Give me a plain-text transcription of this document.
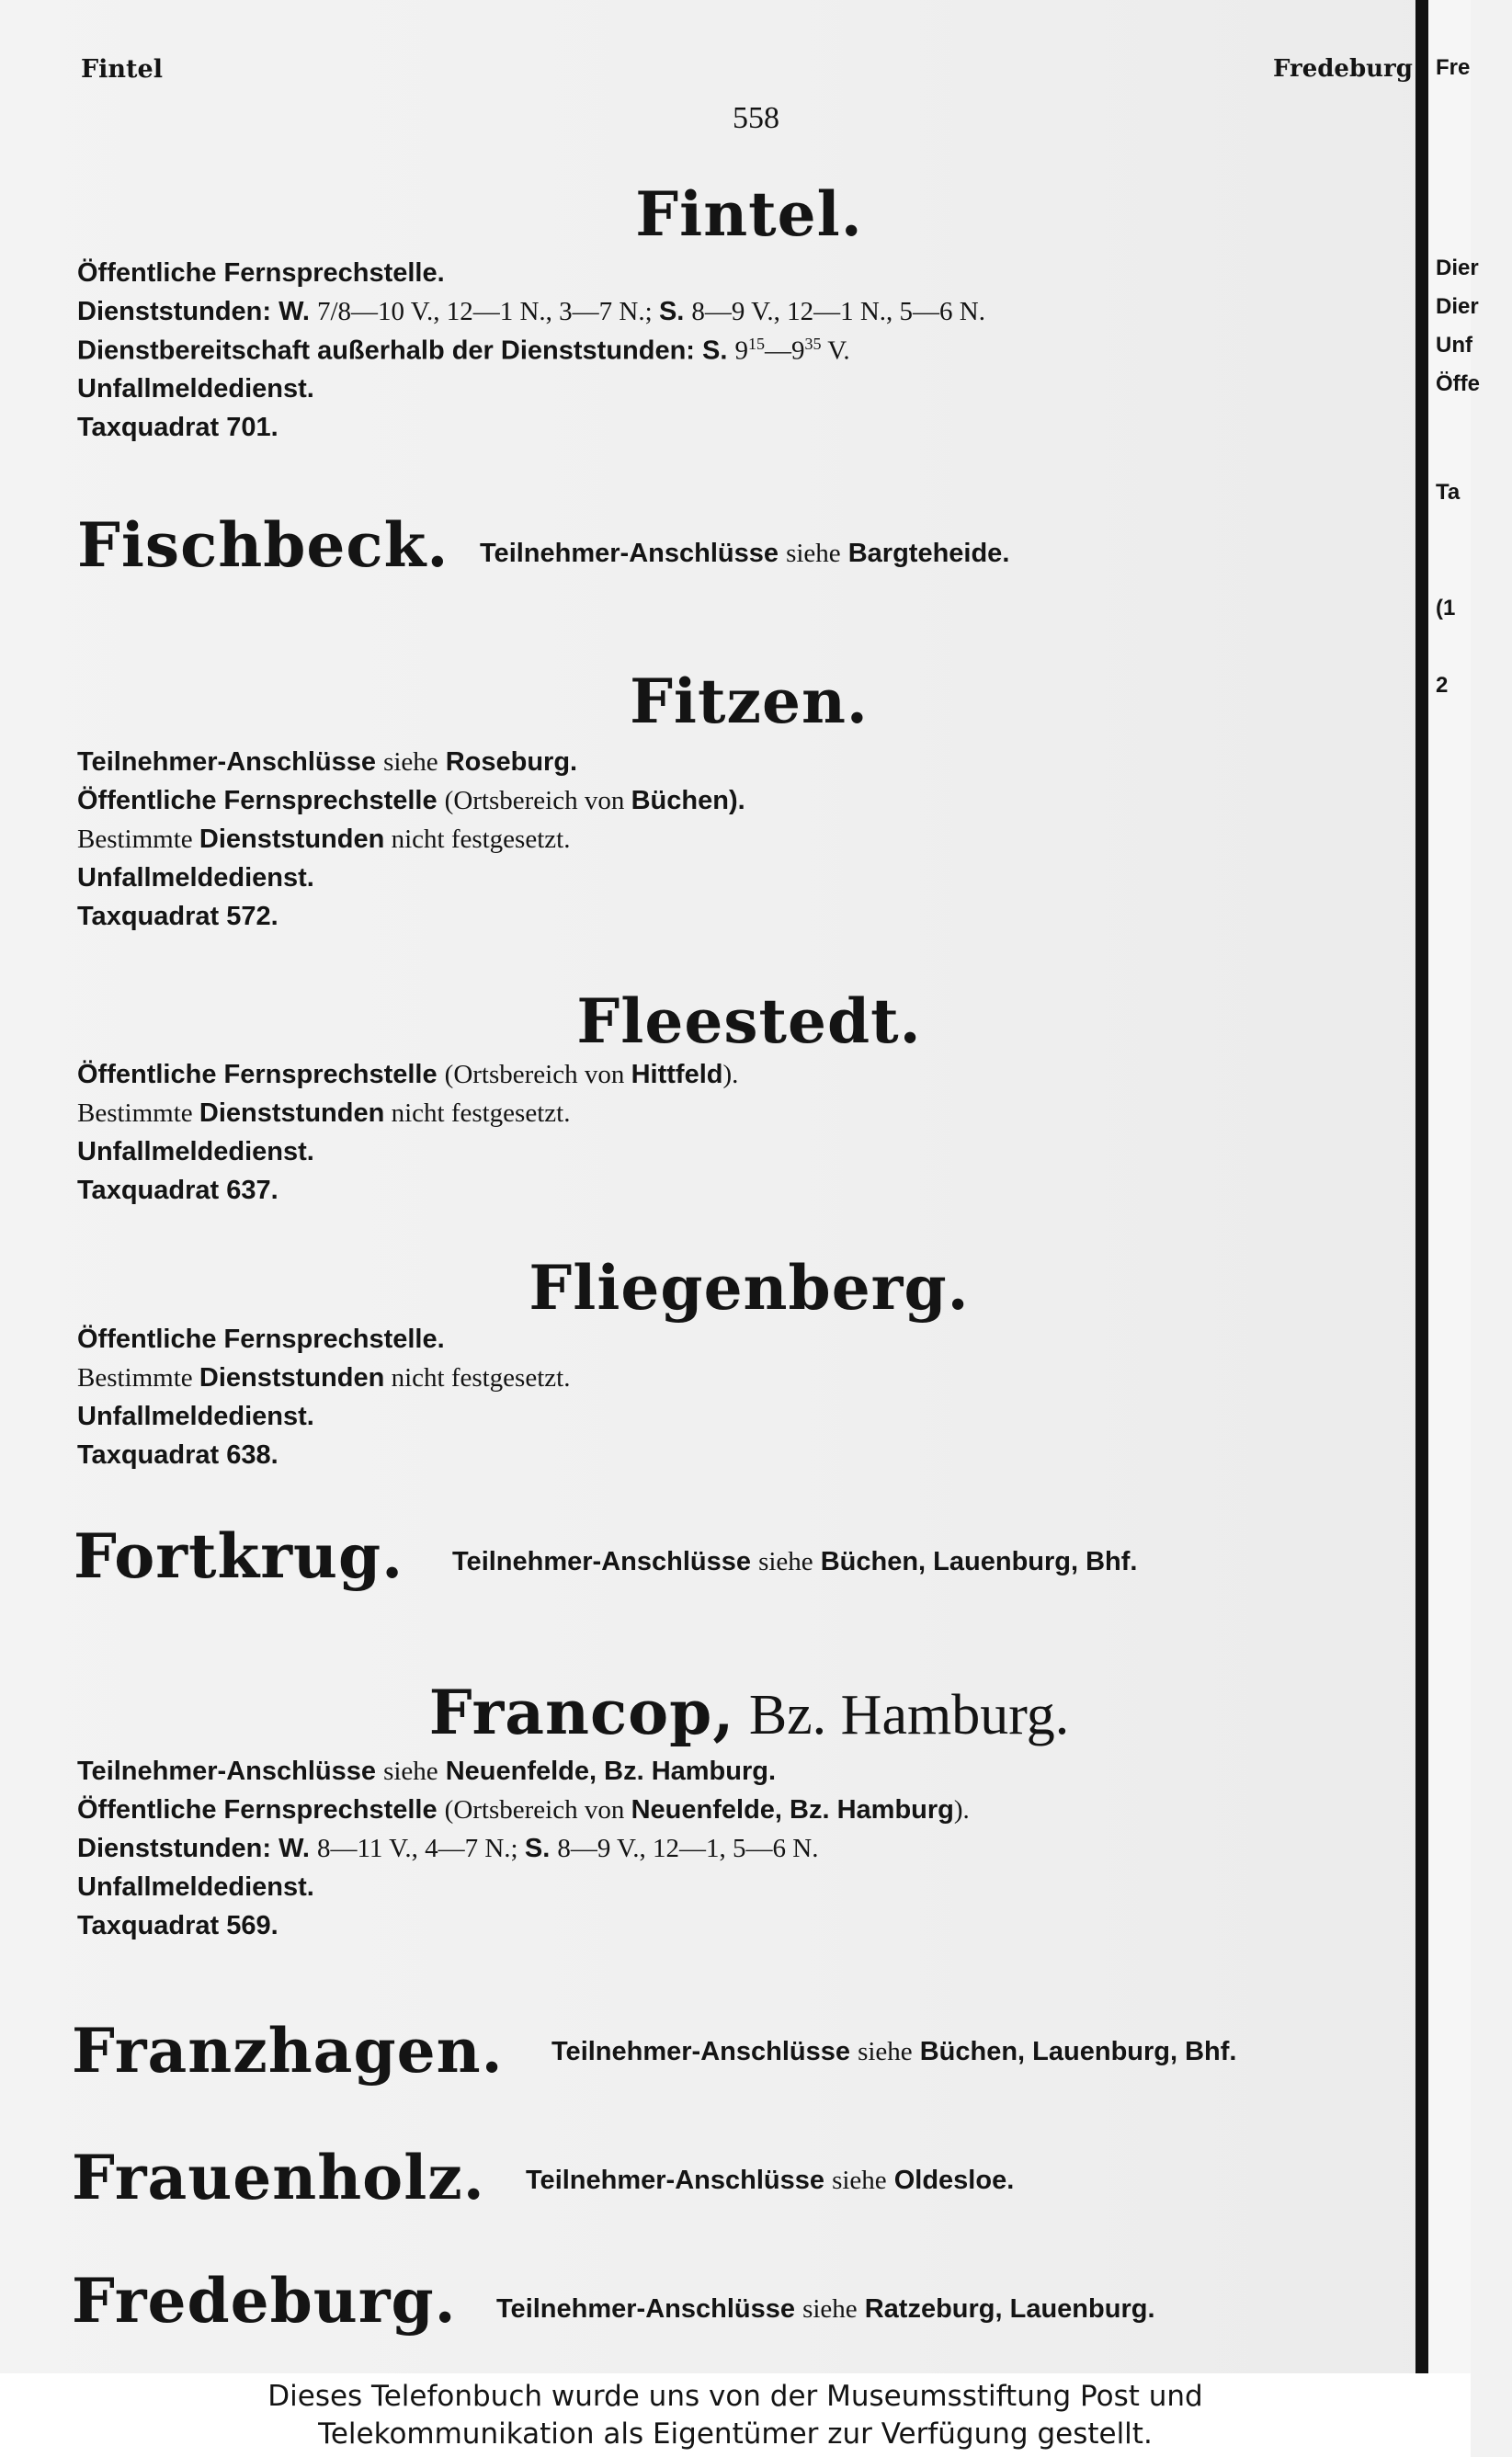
Fintel	Fredeburg
558
Fintel.
Öffentliche Fernsprechstelle.
Dienststunden: W. 7/8—10 V., 12—1 N., 3—7 N.; S. 8—9 V., 12—1 N., 5—6 N.
Dienstbereitschaft außerhalb der Dienststunden: S. $9^{15}—9^{35}$ V.
Unfallmeldedienst.
Taxquadrat 701.
Fischbeck. Teilnehmer-Anschlüsse siehe Bargteheide.
Fitzen.
Teilnehmer-Anschlüsse siehe Roseburg.
Öffentliche Fernsprechstelle (Ortsbereich von Büchen).
Bestimmte Dienststunden nicht festgesetzt.
Unfallmeldedienst.
Taxquadrat 572.
Fleestedt.
Öffentliche Fernsprechstelle (Ortsbereich von Hittfeld).
Bestimmte Dienststunden nicht festgesetzt.
Unfallmeldedienst.
Taxquadrat 637.
Fliegenberg.
Öffentliche Fernsprechstelle.
Bestimmte Dienststunden nicht festgesetzt.
Unfallmeldedienst.
Taxquadrat 638.
Fortkrug. Teilnehmer-Anschlüsse siehe Büchen, Lauenburg, Bhf.
Francop, Bz. Hamburg.
Teilnehmer-Anschlüsse siehe Neuenfelde, Bz. Hamburg.
Öffentliche Fernsprechstelle (Ortsbereich von Neuenfelde, Bz. Hamburg).
Dienststunden: W. 8—11 V., 4—7 N.; S. 8—9 V., 12—1, 5—6 N.
Unfallmeldedienst.
Taxquadrat 569.
Franzhagen. Teilnehmer-Anschlüsse siehe Büchen, Lauenburg, Bhf.
Frauenholz. Teilnehmer-Anschlüsse siehe Oldesloe.
Fredeburg. Teilnehmer-Anschlüsse siehe Ratzeburg, Lauenburg.
Fre
Dier
Dier
Unf
Öffe
Ta
(1
2
Dieses Telefonbuch wurde uns von der Museumsstiftung Post und
Telekommunikation als Eigentümer zur Verfügung gestellt.
